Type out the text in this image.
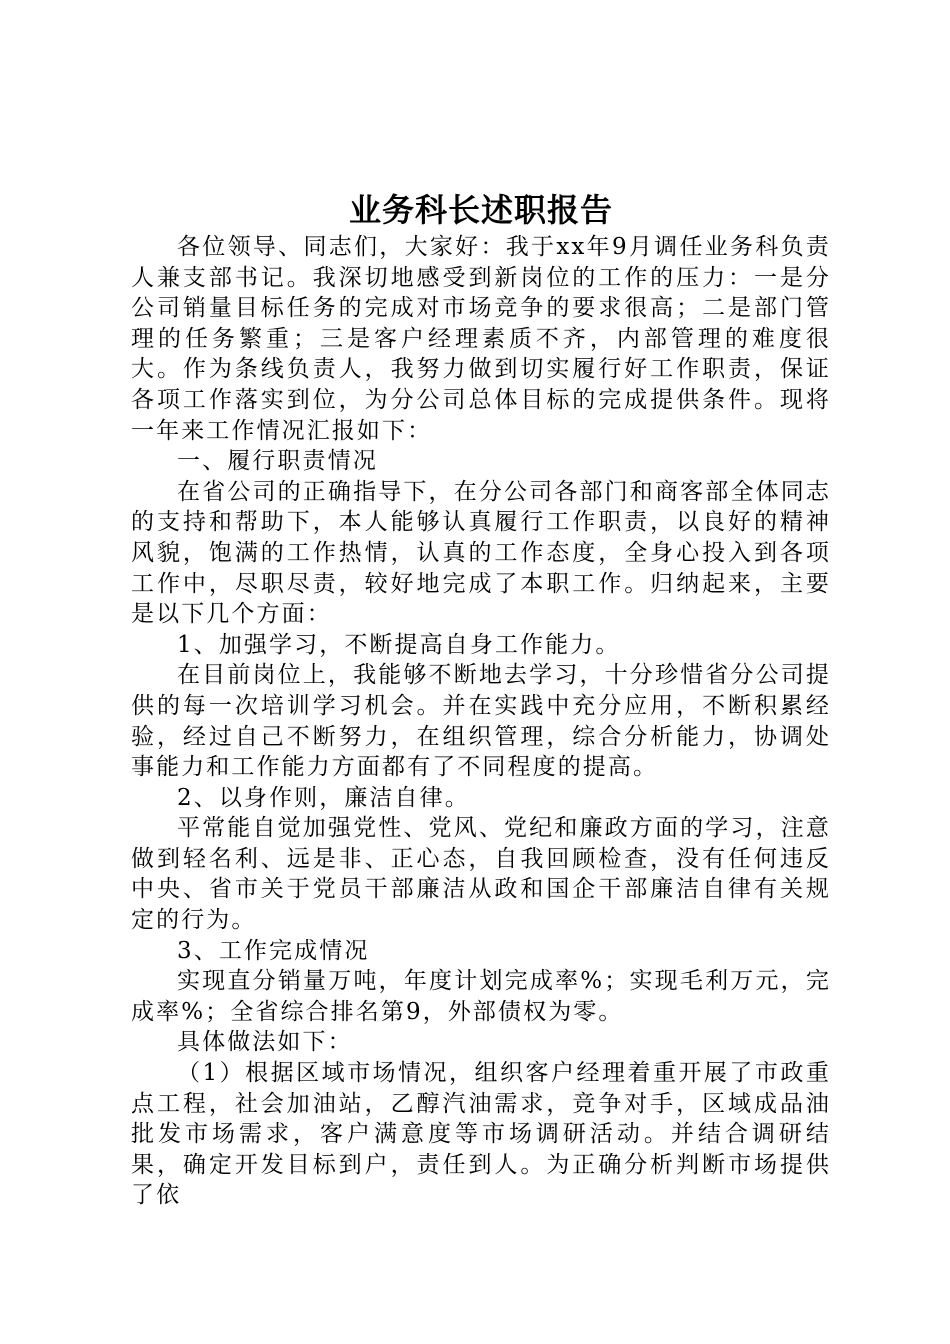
业务科长述职报告

各位领导、同志们，大家好：我于xx年9月调任业务科负责人兼支部书记。我深切地感受到新岗位的工作的压力：一是分公司销量目标任务的完成对市场竞争的要求很高；二是部门管理的任务繁重；三是客户经理素质不齐，内部管理的难度很大。作为条线负责人，我努力做到切实履行好工作职责，保证各项工作落实到位，为分公司总体目标的完成提供条件。现将一年来工作情况汇报如下：

一、履行职责情况

在省公司的正确指导下，在分公司各部门和商客部全体同志的支持和帮助下，本人能够认真履行工作职责，以良好的精神风貌，饱满的工作热情，认真的工作态度，全身心投入到各项工作中，尽职尽责，较好地完成了本职工作。归纳起来，主要是以下几个方面：

1、加强学习，不断提高自身工作能力。

在目前岗位上，我能够不断地去学习，十分珍惜省分公司提供的每一次培训学习机会。并在实践中充分应用，不断积累经验，经过自己不断努力，在组织管理，综合分析能力，协调处事能力和工作能力方面都有了不同程度的提高。

2、以身作则，廉洁自律。

平常能自觉加强党性、党风、党纪和廉政方面的学习，注意做到轻名利、远是非、正心态，自我回顾检查，没有任何违反中央、省市关于党员干部廉洁从政和国企干部廉洁自律有关规定的行为。

3、工作完成情况

实现直分销量万吨，年度计划完成率%；实现毛利万元，完成率%；全省综合排名第9，外部债权为零。

具体做法如下：

（1）根据区域市场情况，组织客户经理着重开展了市政重点工程，社会加油站，乙醇汽油需求，竞争对手，区域成品油批发市场需求，客户满意度等市场调研活动。并结合调研结果，确定开发目标到户，责任到人。为正确分析判断市场提供了依
